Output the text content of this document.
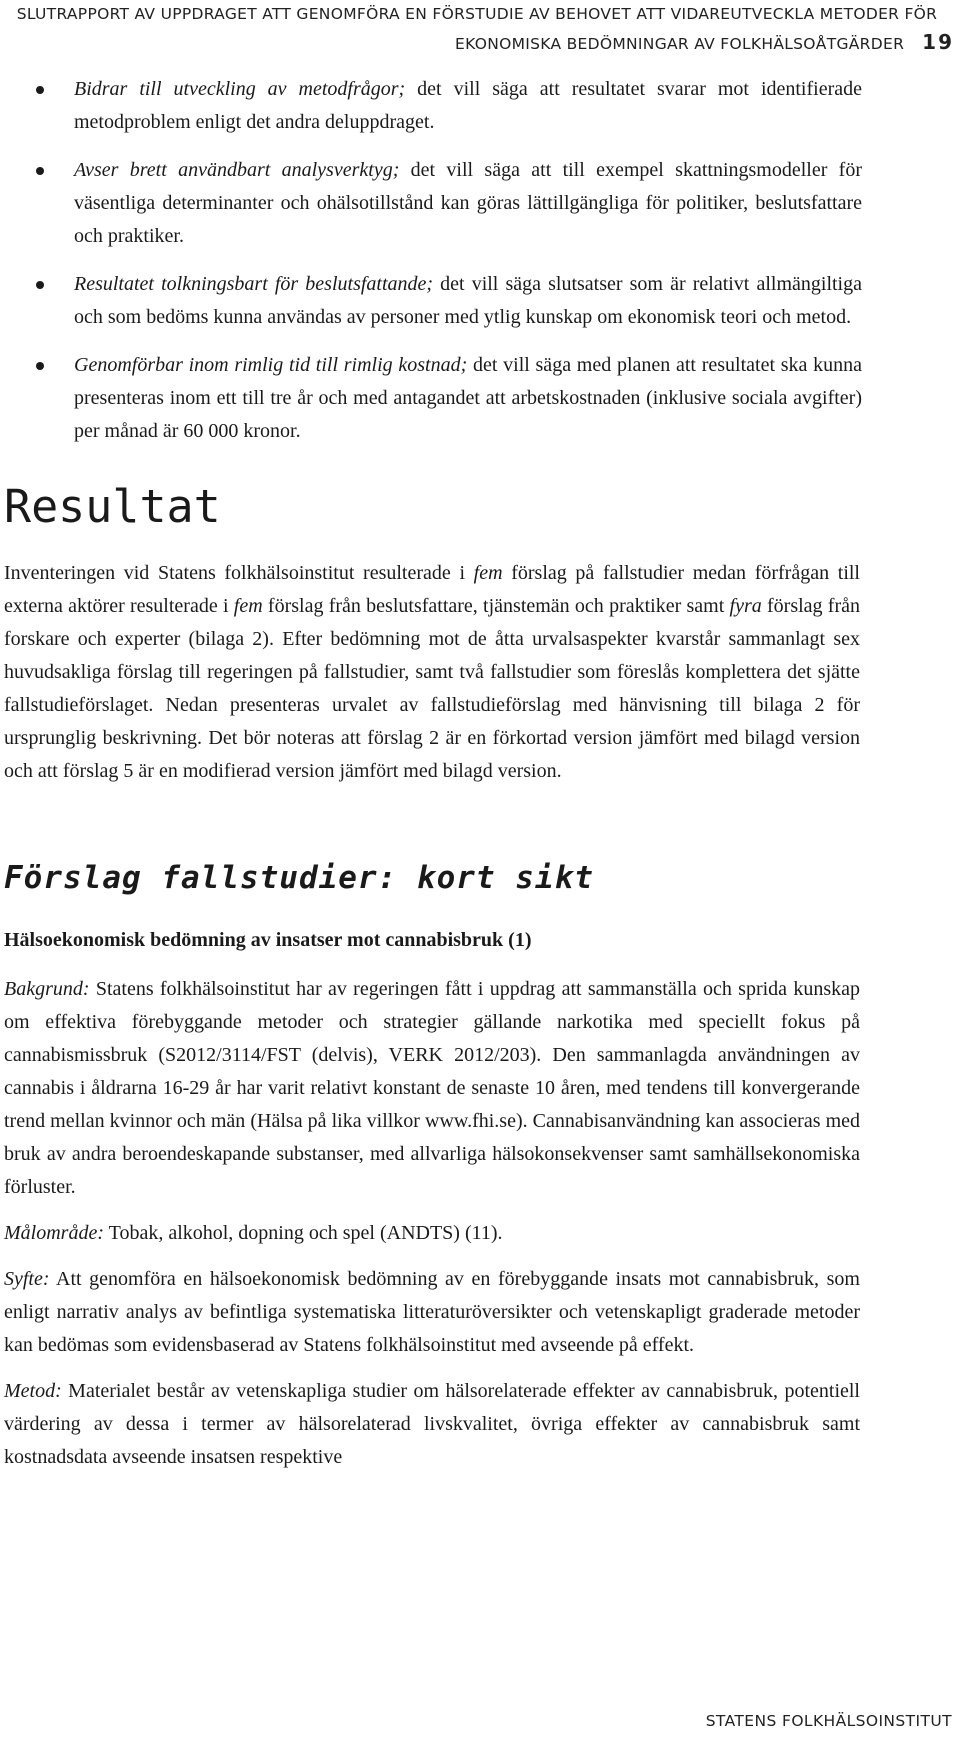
SLUTRAPPORT AV UPPDRAGET ATT GENOMFÖRA EN FÖRSTUDIE AV BEHOVET ATT VIDAREUTVECKLA METODER FÖR
EKONOMISKA BEDÖMNINGAR AV FOLKHÄLSOÅTGÄRDER 19
Bidrar till utveckling av metodfrågor; det vill säga att resultatet svarar mot identifierade metodproblem enligt det andra deluppdraget.
Avser brett användbart analysverktyg; det vill säga att till exempel skattningsmodeller för väsentliga determinanter och ohälsotillstånd kan göras lättillgängliga för politiker, beslutsfattare och praktiker.
Resultatet tolkningsbart för beslutsfattande; det vill säga slutsatser som är relativt allmängiltiga och som bedöms kunna användas av personer med ytlig kunskap om ekonomisk teori och metod.
Genomförbar inom rimlig tid till rimlig kostnad; det vill säga med planen att resultatet ska kunna presenteras inom ett till tre år och med antagandet att arbetskostnaden (inklusive sociala avgifter) per månad är 60 000 kronor.
Resultat

Inventeringen vid Statens folkhälsoinstitut resulterade i fem förslag på fallstudier medan förfrågan till externa aktörer resulterade i fem förslag från beslutsfattare, tjänstemän och praktiker samt fyra förslag från forskare och experter (bilaga 2). Efter bedömning mot de åtta urvalsaspekter kvarstår sammanlagt sex huvudsakliga förslag till regeringen på fallstudier, samt två fallstudier som föreslås komplettera det sjätte fallstudieförslaget. Nedan presenteras urvalet av fallstudieförslag med hänvisning till bilaga 2 för ursprunglig beskrivning. Det bör noteras att förslag 2 är en förkortad version jämfört med bilagd version och att förslag 5 är en modifierad version jämfört med bilagd version.

Förslag fallstudier: kort sikt
Hälsoekonomisk bedömning av insatser mot cannabisbruk (1)

Bakgrund: Statens folkhälsoinstitut har av regeringen fått i uppdrag att sammanställa och sprida kunskap om effektiva förebyggande metoder och strategier gällande narkotika med speciellt fokus på cannabismissbruk (S2012/3114/FST (delvis), VERK 2012/203). Den sammanlagda användningen av cannabis i åldrarna 16-29 år har varit relativt konstant de senaste 10 åren, med tendens till konvergerande trend mellan kvinnor och män (Hälsa på lika villkor www.fhi.se). Cannabisanvändning kan associeras med bruk av andra beroendeskapande substanser, med allvarliga hälsokonsekvenser samt samhällsekonomiska förluster.

Målområde: Tobak, alkohol, dopning och spel (ANDTS) (11).

Syfte: Att genomföra en hälsoekonomisk bedömning av en förebyggande insats mot cannabisbruk, som enligt narrativ analys av befintliga systematiska litteraturöversikter och vetenskapligt graderade metoder kan bedömas som evidensbaserad av Statens folkhälsoinstitut med avseende på effekt.

Metod: Materialet består av vetenskapliga studier om hälsorelaterade effekter av cannabisbruk, potentiell värdering av dessa i termer av hälsorelaterad livskvalitet, övriga effekter av cannabisbruk samt kostnadsdata avseende insatsen respektive

STATENS FOLKHÄLSOINSTITUT
